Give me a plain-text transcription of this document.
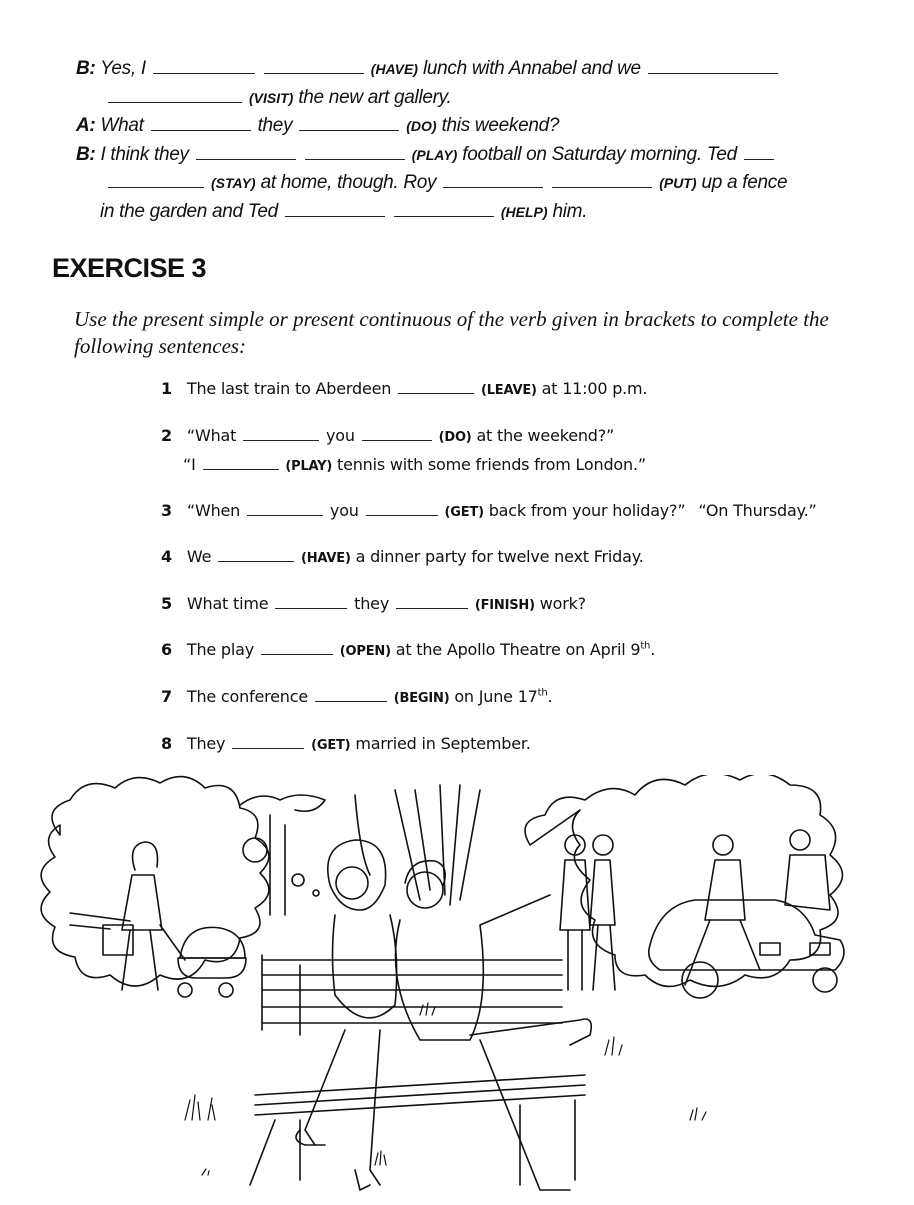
B: Yes, I	(HAVE) lunch with Annabel and we
(VISIT) the new art gallery.
A: What	they	(DO) this weekend?
B: I think they	(PLAY) football on Saturday morning. Ted
(STAY) at home, though. Roy	(PUT) up a fence
in the garden and Ted	(HELP) him.
EXERCISE 3
Use the present simple or present continuous of the verb given in brackets to complete the following sentences:
1 The last train to Aberdeen	(LEAVE) at 11:00 p.m.
2 “What	you	(DO) at the weekend?”
“I	(PLAY) tennis with some friends from London.”
3 “When	you	(GET) back from your holiday?” “On Thursday.”
4 We	(HAVE) a dinner party for twelve next Friday.
5 What time	they	(FINISH) work?
6 The play	(OPEN) at the Apollo Theatre on April 9th.
7 The conference	(BEGIN) on June 17th.
8 They	(GET) married in September.
